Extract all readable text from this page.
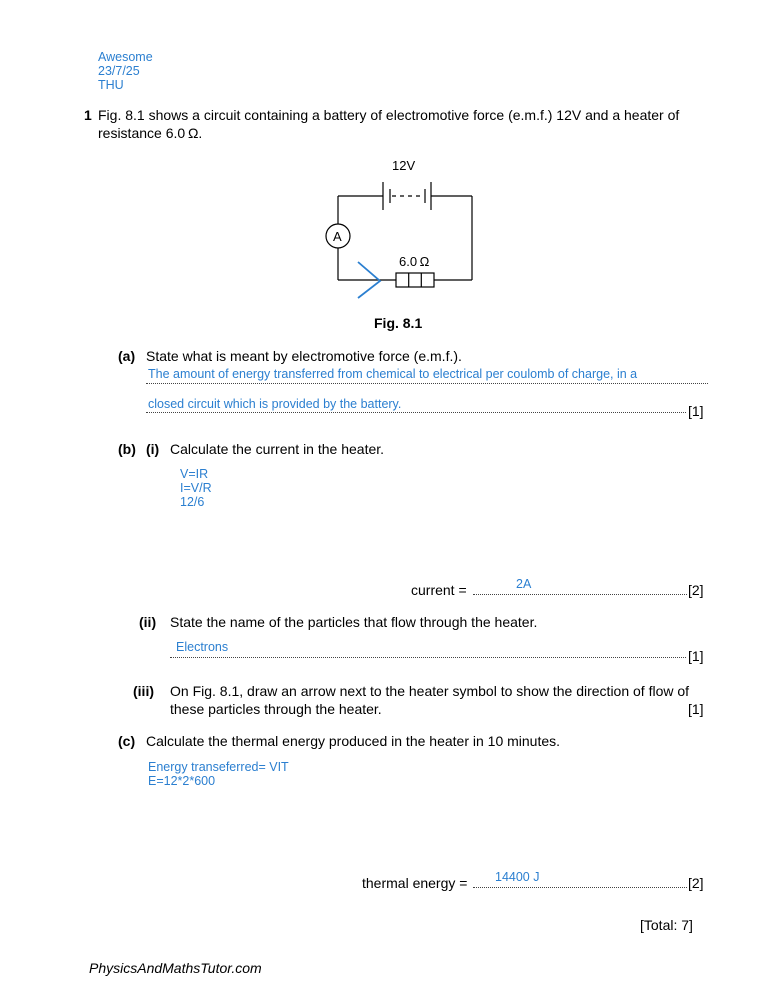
Awesome
23/7/25
THU
1 Fig. 8.1 shows a circuit containing a battery of electromotive force (e.m.f.) 12V and a heater of
resistance 6.0 Ω.
12V
A
6.0 Ω
Fig. 8.1
(a) State what is meant by electromotive force (e.m.f.).
The amount of energy transferred from chemical to electrical per coulomb of charge, in a
closed circuit which is provided by the battery.	[1]
(b) (i) Calculate the current in the heater.
V=IR
I=V/R
12/6
current =	2A	[2]
(ii) State the name of the particles that flow through the heater.
Electrons
[1]
(iii) On Fig. 8.1, draw an arrow next to the heater symbol to show the direction of flow of
these particles through the heater.	[1]
(c) Calculate the thermal energy produced in the heater in 10 minutes.
Energy transeferred= VIT
E=12*2*600
thermal energy = 14400 J	[2]
[Total: 7]
PhysicsAndMathsTutor.com
